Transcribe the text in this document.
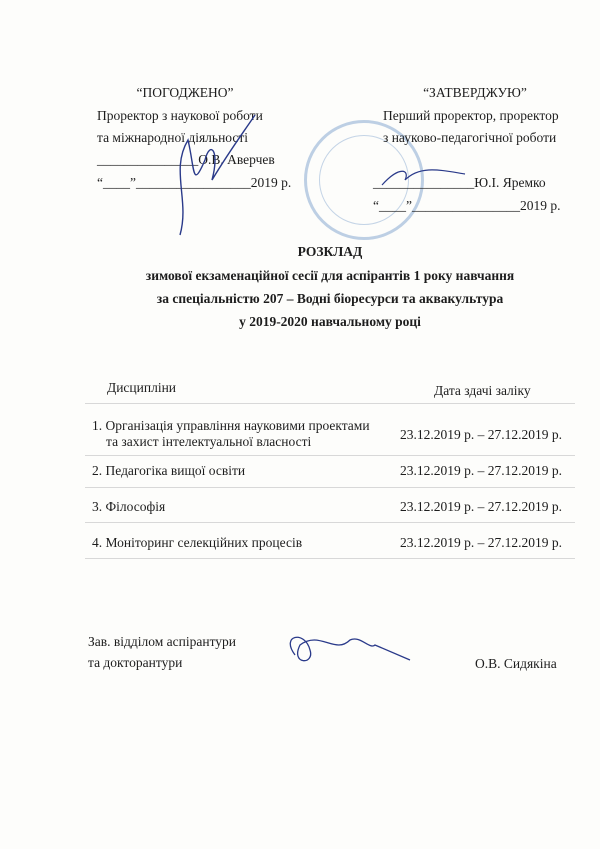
“ПОГОДЖЕНО”
Проректор з наукової роботи
та міжнародної діяльності
_______________О.В. Аверчев
“____”_________________2019 р.
“ЗАТВЕРДЖУЮ”
Перший проректор, проректор
з науково-педагогічної роботи
_______________Ю.І. Яремко
“____”________________2019 р.
РОЗКЛАД
зимової екзаменаційної сесії для аспірантів 1 року навчання
за спеціальністю 207 – Водні біоресурси та аквакультура
у 2019-2020 навчальному році
Дисципліни	Дата здачі заліку
1. Організація управління науковими проектами
та захист інтелектуальної власності	23.12.2019 р. – 27.12.2019 р.
2. Педагогіка вищої освіти	23.12.2019 р. – 27.12.2019 р.
3. Філософія	23.12.2019 р. – 27.12.2019 р.
4. Моніторинг селекційних процесів	23.12.2019 р. – 27.12.2019 р.
Зав. відділом аспірантури
та докторантури	О.В. Сидякіна
